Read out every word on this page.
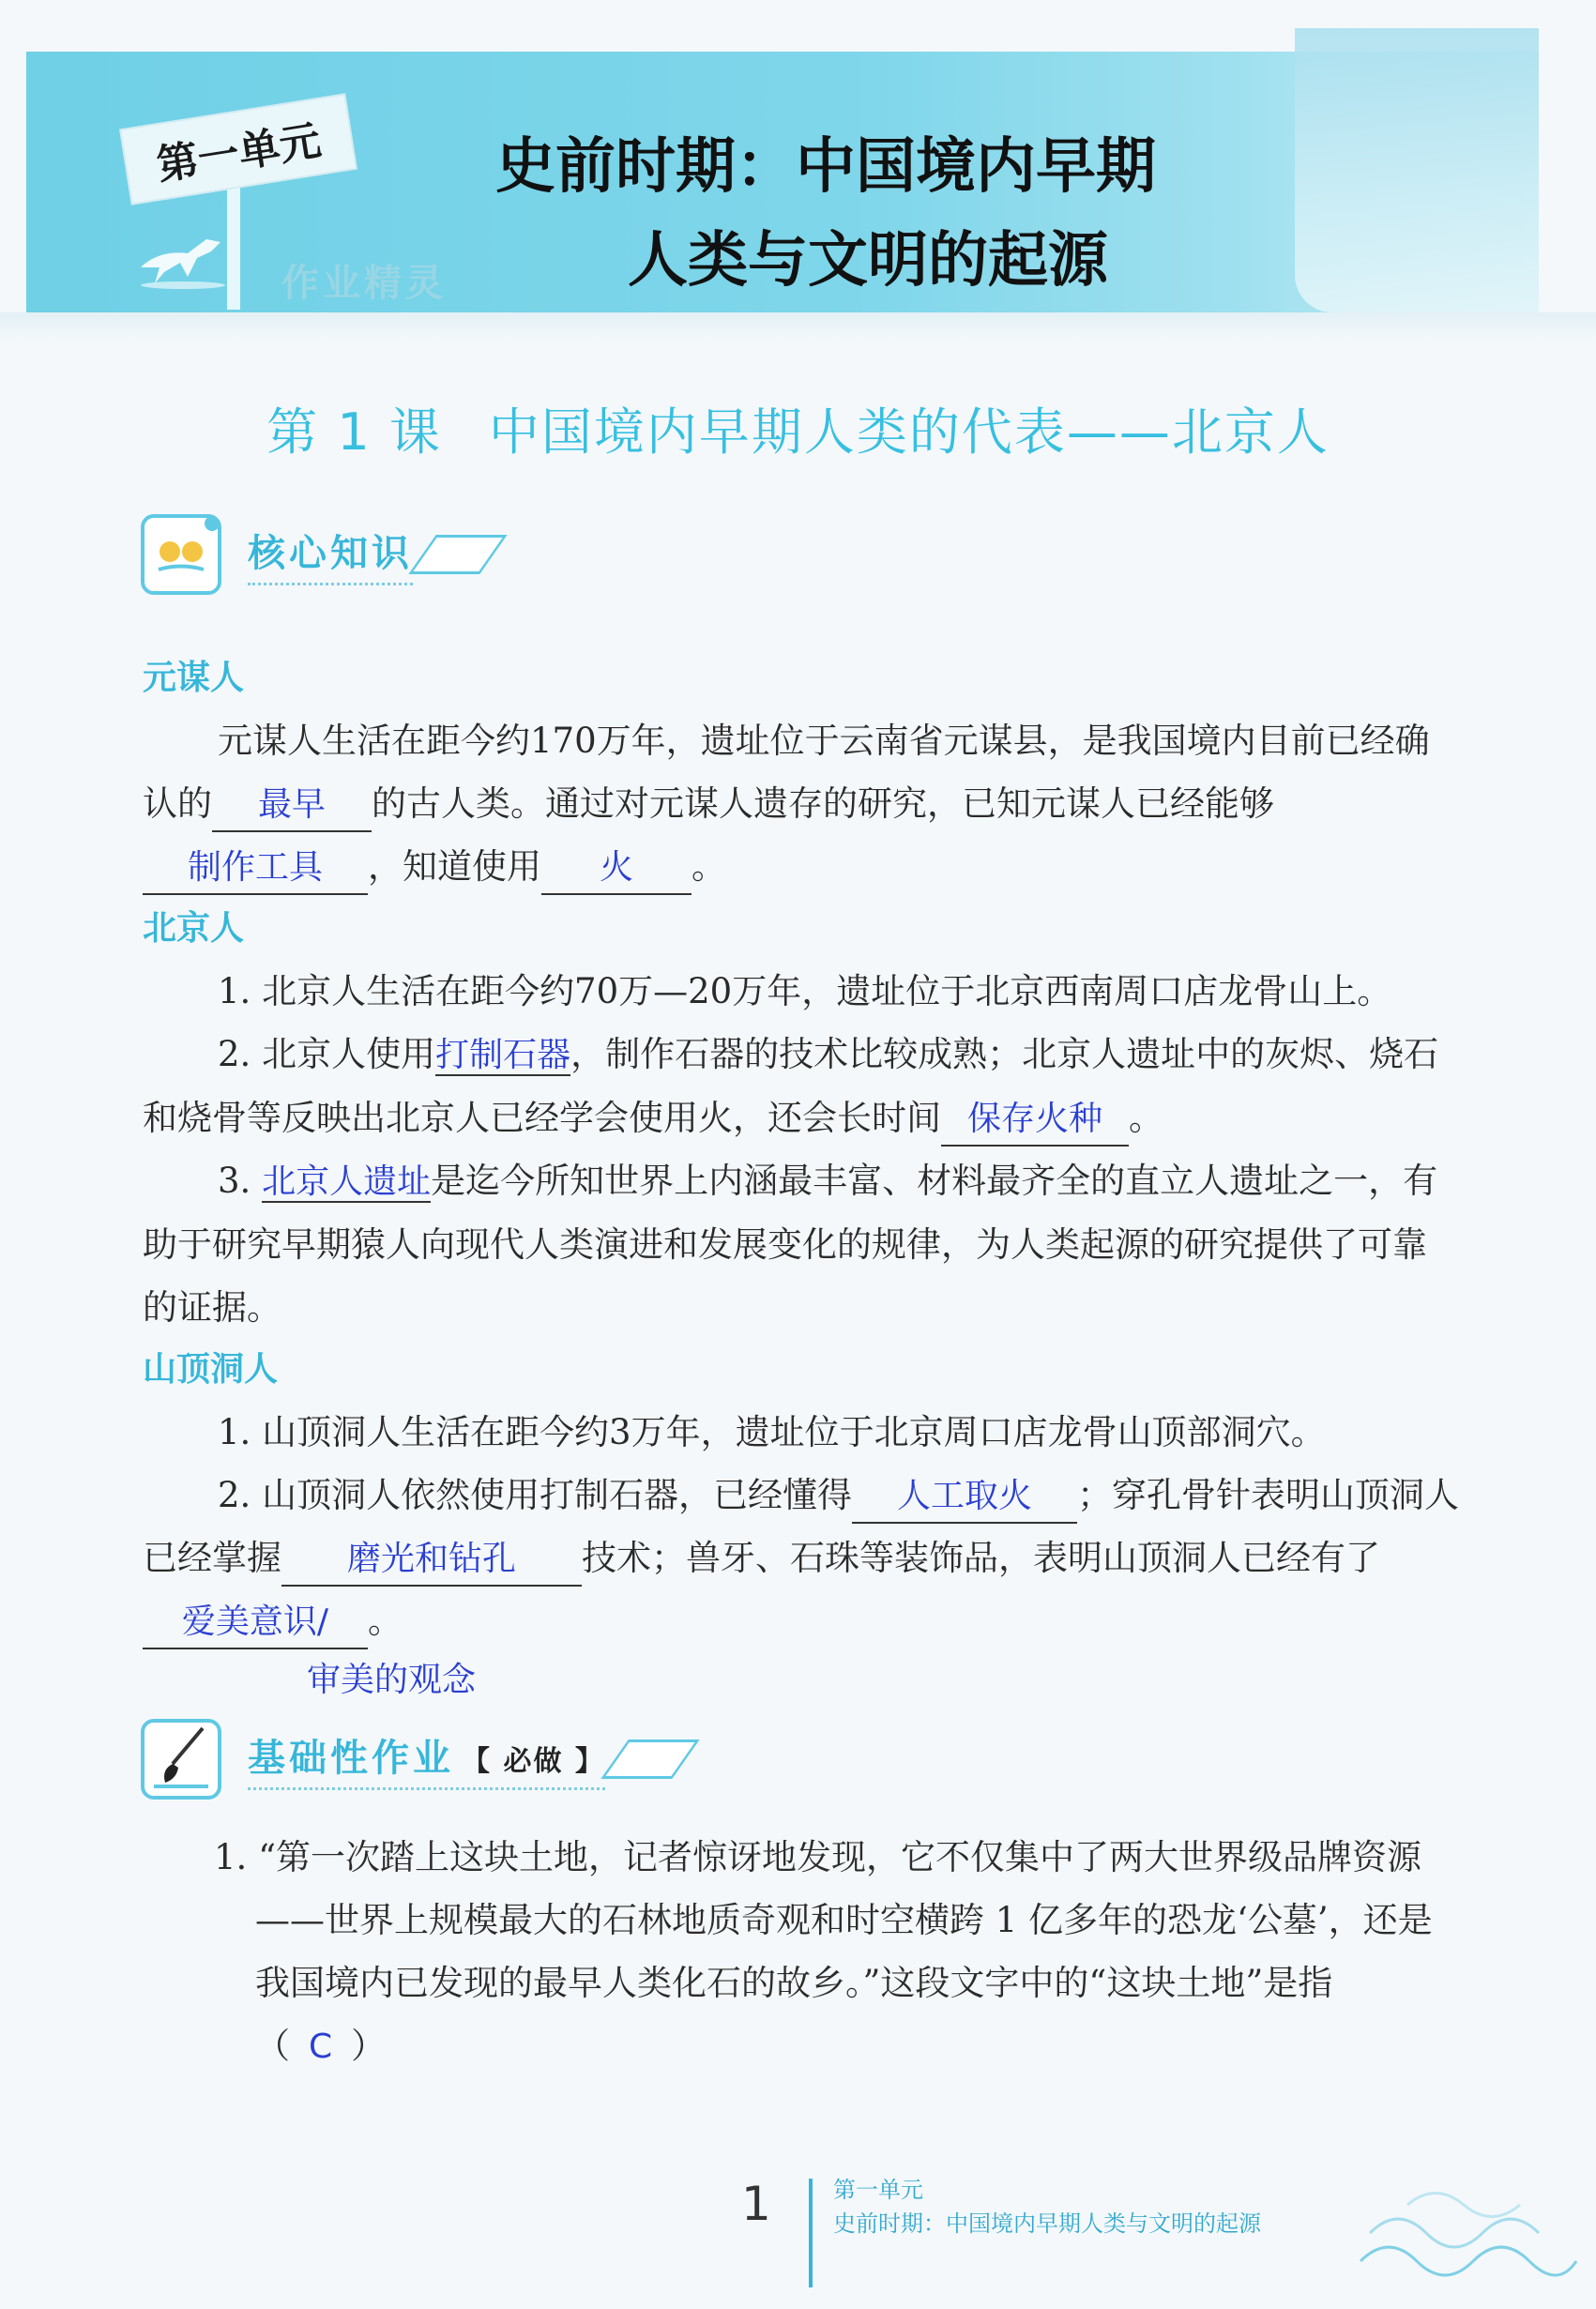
第一单元
作业精灵
史前时期：中国境内早期
人类与文明的起源
第 1 课 中国境内早期人类的代表——北京人
核心知识
元谋人
元谋人生活在距今约170万年，遗址位于云南省元谋县，是我国境内目前已经确认的 最早 的古人类。通过对元谋人遗存的研究，已知元谋人已经能够制作工具 ，知道使用 火 。
北京人
1. 北京人生活在距今约70万—20万年，遗址位于北京西南周口店龙骨山上。
2. 北京人使用打制石器，制作石器的技术比较成熟；北京人遗址中的灰烬、烧石和烧骨等反映出北京人已经学会使用火，还会长时间 保存火种 。
3. 北京人遗址是迄今所知世界上内涵最丰富、材料最齐全的直立人遗址之一，有助于研究早期猿人向现代人类演进和发展变化的规律，为人类起源的研究提供了可靠的证据。
山顶洞人
1. 山顶洞人生活在距今约3万年，遗址位于北京周口店龙骨山顶部洞穴。
2. 山顶洞人依然使用打制石器，已经懂得 人工取火 ；穿孔骨针表明山顶洞人已经掌握 磨光和钻孔 技术；兽牙、石珠等装饰品，表明山顶洞人已经有了爱美意识/ 。
审美的观念
基础性作业 【 必做 】
1. “第一次踏上这块土地，记者惊讶地发现，它不仅集中了两大世界级品牌资源——世界上规模最大的石林地质奇观和时空横跨 1 亿多年的恐龙‘公墓’，还是我国境内已发现的最早人类化石的故乡。”这段文字中的“这块土地”是指（ C ）
1	第一单元
史前时期：中国境内早期人类与文明的起源
